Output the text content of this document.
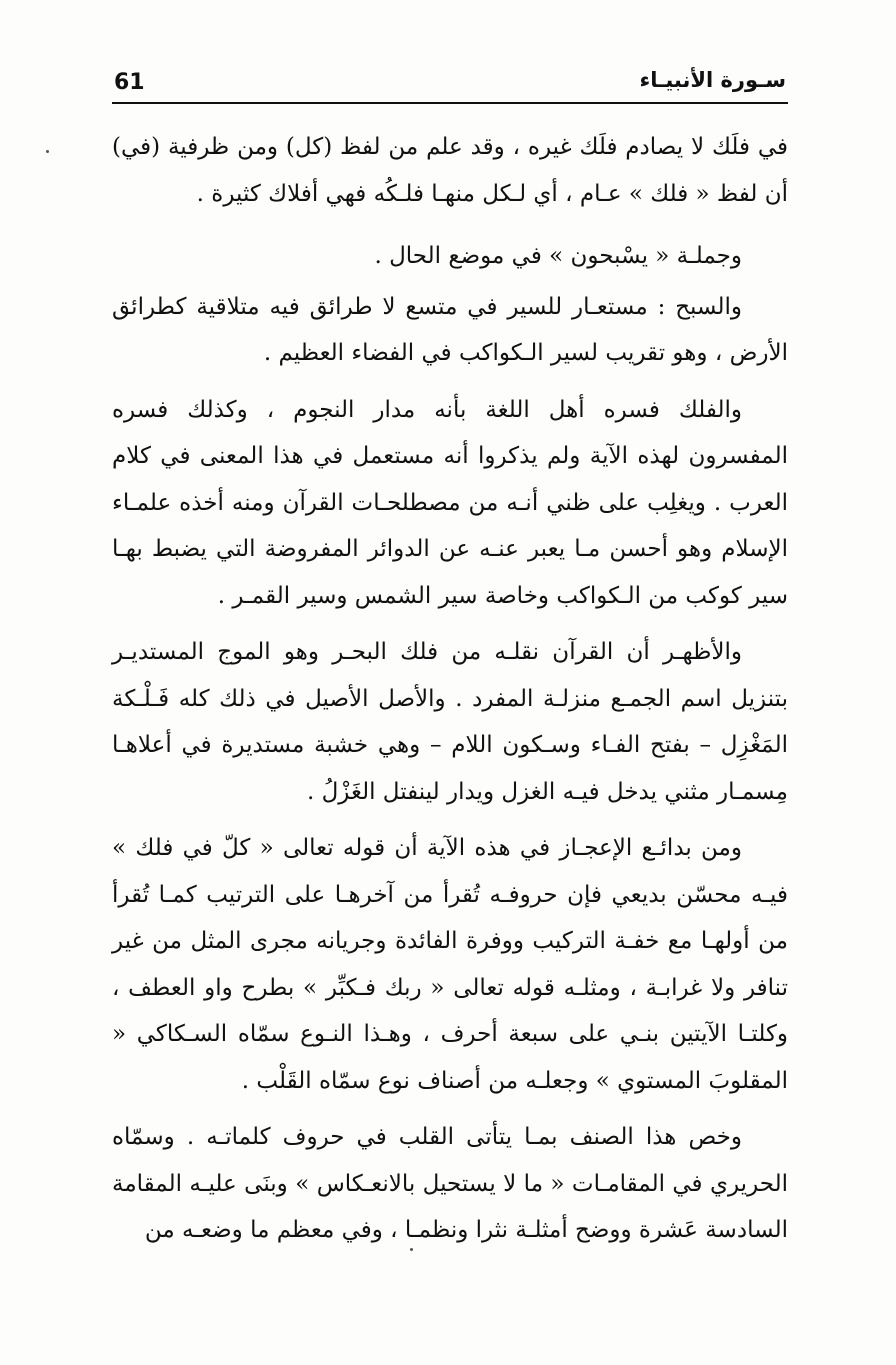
61	سـورة الأنبيـاء

في فلَك لا يصادم فلَك غيره ، وقد علم من لفظ (كل) ومن ظرفية (في) أن لفظ « فلك » عـام ، أي لـكل منهـا فلـكُه فهي أفلاك كثيرة .

وجملـة « يسْبحون » في موضع الحال .

والسبح : مستعـار للسير في متسع لا طرائق فيه متلاقية كطرائق الأرض ، وهو تقريب لسير الـكواكب في الفضاء العظيم .

والفلك فسره أهل اللغة بأنه مدار النجوم ، وكذلك فسره المفسرون لهذه الآية ولم يذكروا أنه مستعمل في هذا المعنى في كلام العرب . ويغلِب على ظني أنـه من مصطلحـات القرآن ومنه أخذه علمـاء الإسلام وهو أحسن مـا يعبر عنـه عن الدوائر المفروضة التي يضبط بهـا سير كوكب من الـكواكب وخاصة سير الشمس وسير القمـر .

والأظهـر أن القرآن نقلـه من فلك البحـر وهو الموج المستديـر بتنزيل اسم الجمـع منزلـة المفرد . والأصل الأصيل في ذلك كله فَـلْـكة المَغْزِل – بفتح الفـاء وسـكون اللام – وهي خشبة مستديرة في أعلاهـا مِسمـار مثني يدخل فيـه الغزل ويدار لينفتل الغَزْلُ .

ومن بدائـع الإعجـاز في هذه الآية أن قوله تعالى « كلّ في فلك » فيـه محسّن بديعي فإن حروفـه تُقرأ من آخرهـا على الترتيب كمـا تُقرأ من أولهـا مع خفـة التركيب ووفرة الفائدة وجريانه مجرى المثل من غير تنافر ولا غرابـة ، ومثلـه قوله تعالى « ربك فـكبِّر » بطرح واو العطف ، وكلتـا الآيتين بنـي على سبعة أحرف ، وهـذا النـوع سمّاه السـكاكي « المقلوبَ المستوي » وجعلـه من أصناف نوع سمّاه القَلْب .

وخص هذا الصنف بمـا يتأتى القلب في حروف كلماتـه . وسمّاه الحريري في المقامـات « ما لا يستحيل بالانعـكاس » وبنَى عليـه المقامة السادسة عَشرة ووضح أمثلـة نثرا ونظمـا ، وفي معظم ما وضعـه من
